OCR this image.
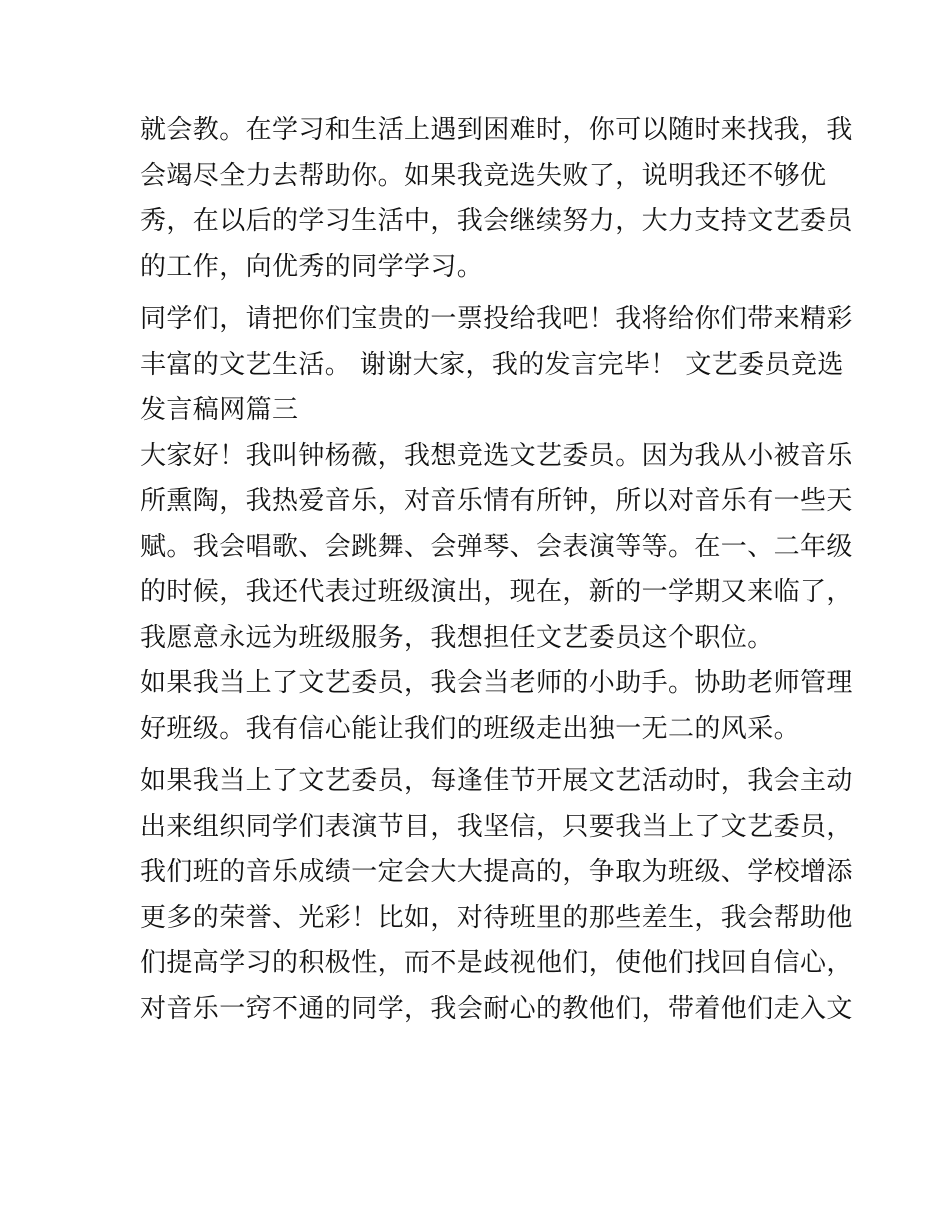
就会教。在学习和生活上遇到困难时，你可以随时来找我，我
会竭尽全力去帮助你。如果我竞选失败了，说明我还不够优
秀，在以后的学习生活中，我会继续努力，大力支持文艺委员
的工作，向优秀的同学学习。
同学们，请把你们宝贵的一票投给我吧！我将给你们带来精彩
丰富的文艺生活。 谢谢大家，我的发言完毕！ 文艺委员竞选
发言稿网篇三
大家好！我叫钟杨薇，我想竞选文艺委员。因为我从小被音乐
所熏陶，我热爱音乐，对音乐情有所钟，所以对音乐有一些天
赋。我会唱歌、会跳舞、会弹琴、会表演等等。在一、二年级
的时候，我还代表过班级演出，现在，新的一学期又来临了，
我愿意永远为班级服务，我想担任文艺委员这个职位。
如果我当上了文艺委员，我会当老师的小助手。协助老师管理
好班级。我有信心能让我们的班级走出独一无二的风采。
如果我当上了文艺委员，每逢佳节开展文艺活动时，我会主动
出来组织同学们表演节目，我坚信，只要我当上了文艺委员，
我们班的音乐成绩一定会大大提高的，争取为班级、学校增添
更多的荣誉、光彩！比如，对待班里的那些差生，我会帮助他
们提高学习的积极性，而不是歧视他们，使他们找回自信心，
对音乐一窍不通的同学，我会耐心的教他们，带着他们走入文
